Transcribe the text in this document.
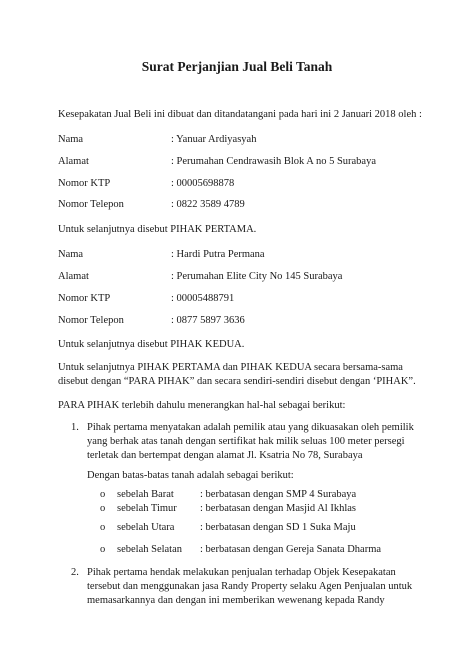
Surat Perjanjian Jual Beli Tanah
Kesepakatan Jual Beli ini dibuat dan ditandatangani pada hari ini 2 Januari 2018 oleh :
Nama	: Yanuar Ardiyasyah
Alamat	: Perumahan Cendrawasih Blok A no 5 Surabaya
Nomor KTP	: 00005698878
Nomor Telepon	: 0822 3589 4789
Untuk selanjutnya disebut PIHAK PERTAMA.
Nama	: Hardi Putra Permana
Alamat	: Perumahan Elite City No 145 Surabaya
Nomor KTP	: 00005488791
Nomor Telepon	: 0877 5897 3636
Untuk selanjutnya disebut PIHAK KEDUA.
Untuk selanjutnya PIHAK PERTAMA dan PIHAK KEDUA secara bersama-sama
disebut dengan “PARA PIHAK” dan secara sendiri-sendiri disebut dengan ‘PIHAK”.
PARA PIHAK terlebih dahulu menerangkan hal-hal sebagai berikut:
1. Pihak pertama menyatakan adalah pemilik atau yang dikuasakan oleh pemilik
yang berhak atas tanah dengan sertifikat hak milik seluas 100 meter persegi
terletak dan bertempat dengan alamat Jl. Ksatria No 78, Surabaya
Dengan batas-batas tanah adalah sebagai berikut:
o sebelah Barat : berbatasan dengan SMP 4 Surabaya
o sebelah Timur : berbatasan dengan Masjid Al Ikhlas
o sebelah Utara : berbatasan dengan SD 1 Suka Maju
o sebelah Selatan : berbatasan dengan Gereja Sanata Dharma
2. Pihak pertama hendak melakukan penjualan terhadap Objek Kesepakatan
tersebut dan menggunakan jasa Randy Property selaku Agen Penjualan untuk
memasarkannya dan dengan ini memberikan wewenang kepada Randy
